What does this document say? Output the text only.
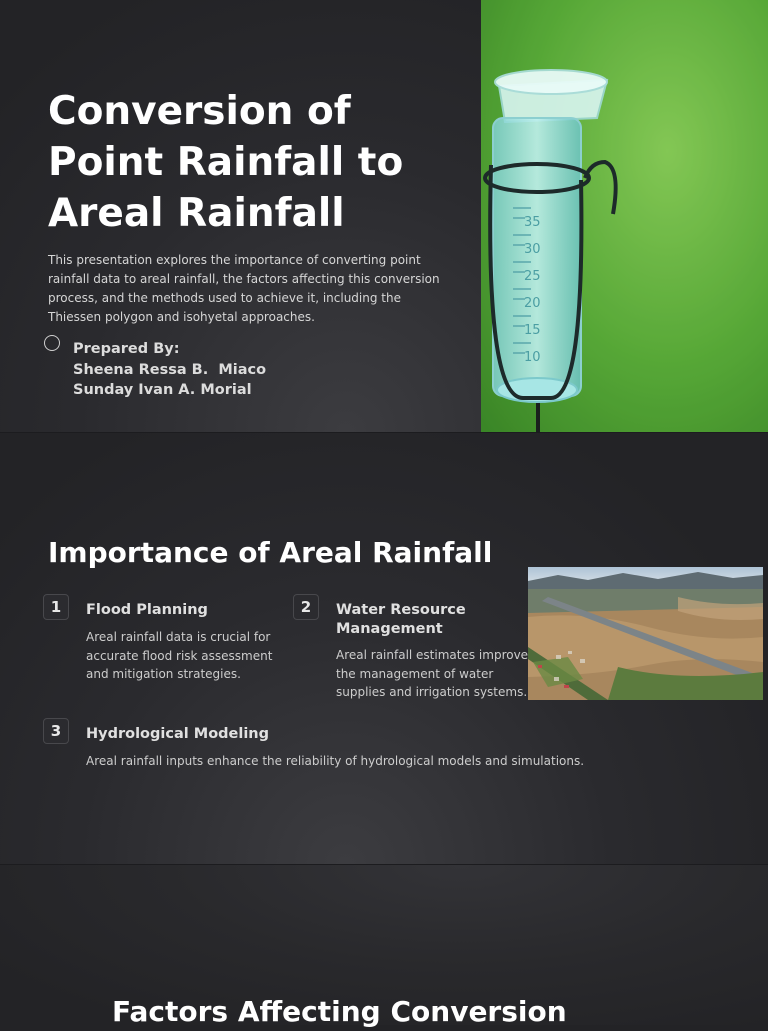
Conversion of Point Rainfall to Areal Rainfall

This presentation explores the importance of converting point rainfall data to areal rainfall, the factors affecting this conversion process, and the methods used to achieve it, including the Thiessen polygon and isohyetal approaches.

Prepared By:
Sheena Ressa B.  Miaco
Sunday Ivan A. Morial
35
30
25
20
15
10
Importance of Areal Rainfall
1	Flood Planning

Areal rainfall data is crucial for accurate flood risk assessment and mitigation strategies.

2	Water Resource Management

Areal rainfall estimates improve the management of water supplies and irrigation systems.

3	Hydrological Modeling

Areal rainfall inputs enhance the reliability of hydrological models and simulations.

Factors Affecting Conversion
